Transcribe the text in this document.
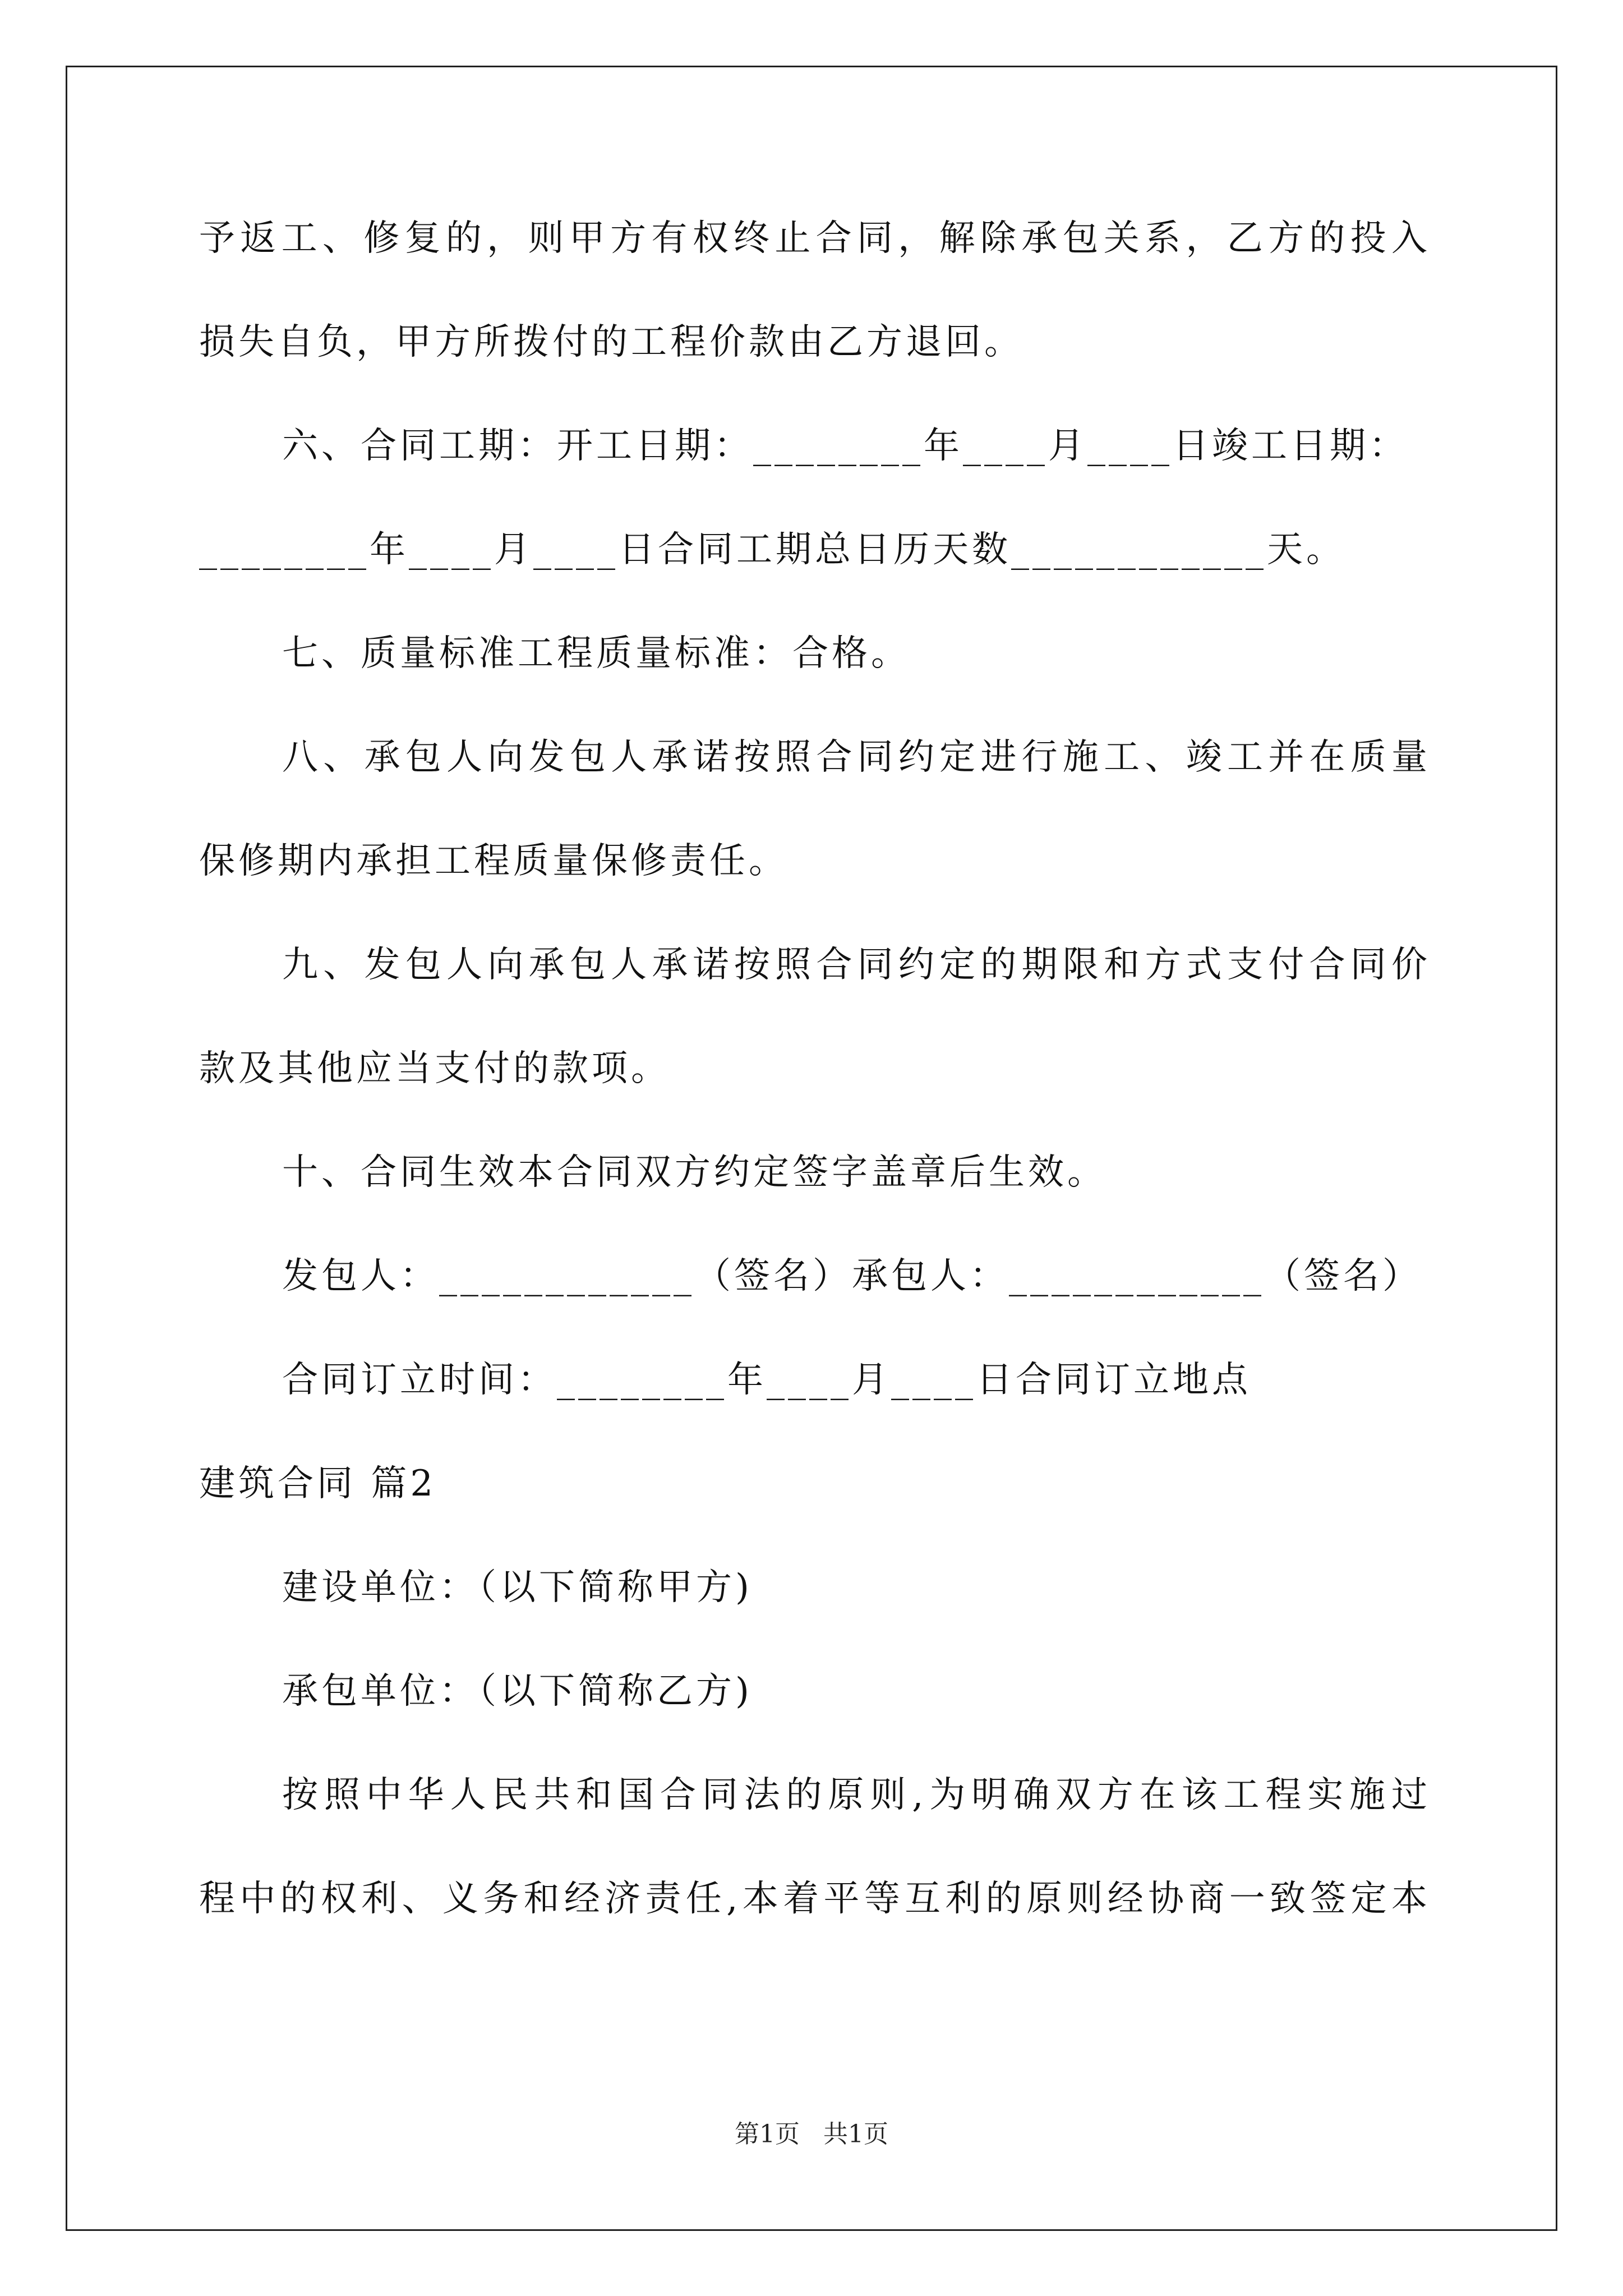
予返工、修复的，则甲方有权终止合同，解除承包关系，乙方的投入
损失自负，甲方所拨付的工程价款由乙方退回。
六、合同工期：开工日期：________年____月____日竣工日期：
________年____月____日合同工期总日历天数____________天。
七、质量标准工程质量标准：合格。
八、承包人向发包人承诺按照合同约定进行施工、竣工并在质量
保修期内承担工程质量保修责任。
九、发包人向承包人承诺按照合同约定的期限和方式支付合同价
款及其他应当支付的款项。
十、合同生效本合同双方约定签字盖章后生效。
发包人：____________（签名）承包人：____________（签名）
合同订立时间：________年____月____日合同订立地点
建筑合同 篇2
建设单位：（以下简称甲方)
承包单位：（以下简称乙方)
按照中华人民共和国合同法的原则,为明确双方在该工程实施过
程中的权利、义务和经济责任,本着平等互利的原则经协商一致签定本
第1页   共1页
